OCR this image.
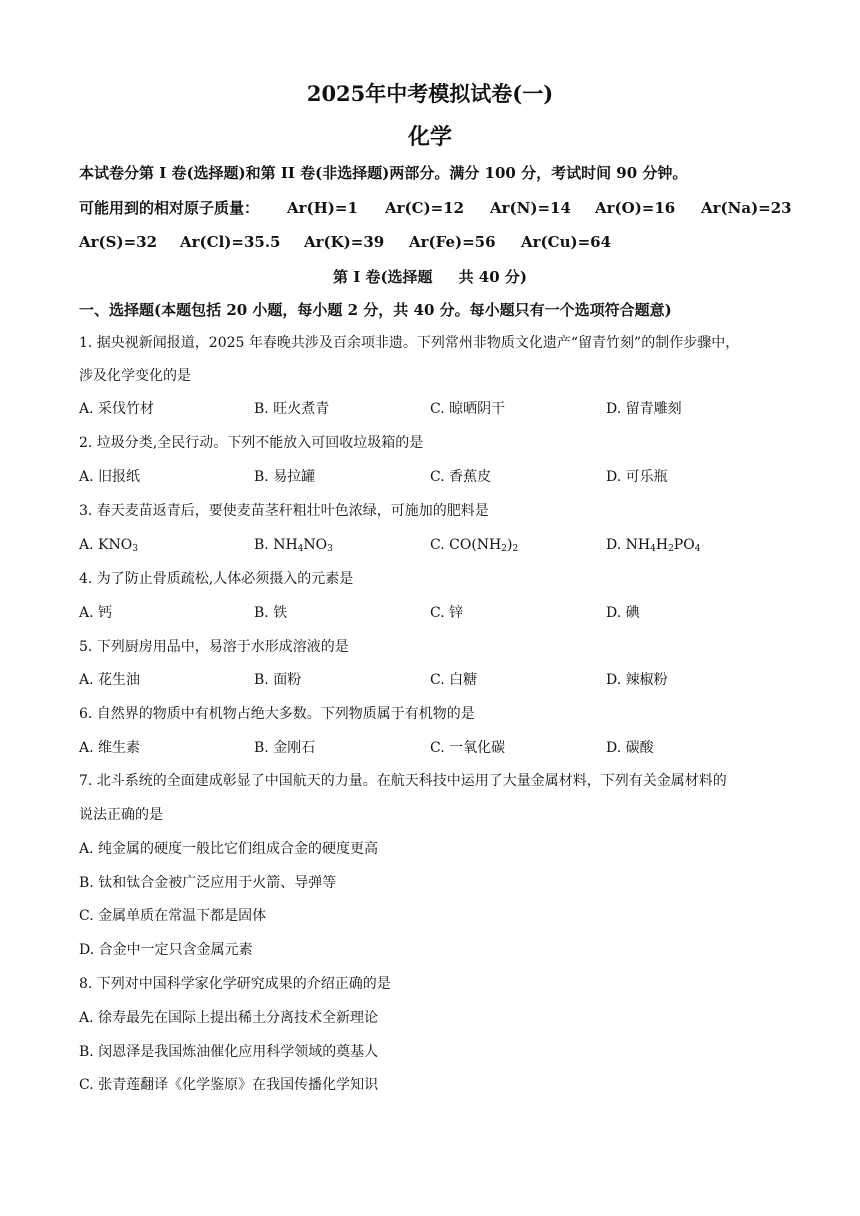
2025年中考模拟试卷(一)
化学
本试卷分第 I 卷(选择题)和第 II 卷(非选择题)两部分。满分 100 分，考试时间 90 分钟。
可能用到的相对原子质量： Ar(H)=1 Ar(C)=12 Ar(N)=14 Ar(O)=16 Ar(Na)=23
Ar(S)=32 Ar(Cl)=35.5 Ar(K)=39 Ar(Fe)=56 Ar(Cu)=64
第 I 卷(选择题 共 40 分)
一、选择题(本题包括 20 小题，每小题 2 分，共 40 分。每小题只有一个选项符合题意)
1. 据央视新闻报道，2025 年春晚共涉及百余项非遗。下列常州非物质文化遗产“留青竹刻”的制作步骤中，
涉及化学变化的是
A. 采伐竹材	B. 旺火煮青	C. 晾晒阴干	D. 留青雕刻
2. 垃圾分类,全民行动。下列不能放入可回收垃圾箱的是
A. 旧报纸	B. 易拉罐	C. 香蕉皮	D. 可乐瓶
3. 春天麦苗返青后，要使麦苗茎秆粗壮叶色浓绿，可施加的肥料是
A. $KNO_3$	B. $NH_4NO_3$	C. $CO(NH_2)_2$	D. $NH_4H_2PO_4$
4. 为了防止骨质疏松,人体必须摄入的元素是
A. 钙	B. 铁	C. 锌	D. 碘
5. 下列厨房用品中，易溶于水形成溶液的是
A. 花生油	B. 面粉	C. 白糖	D. 辣椒粉
6. 自然界的物质中有机物占绝大多数。下列物质属于有机物的是
A. 维生素	B. 金刚石	C. 一氧化碳	D. 碳酸
7. 北斗系统的全面建成彰显了中国航天的力量。在航天科技中运用了大量金属材料，下列有关金属材料的
说法正确的是
A. 纯金属的硬度一般比它们组成合金的硬度更高
B. 钛和钛合金被广泛应用于火箭、导弹等
C. 金属单质在常温下都是固体
D. 合金中一定只含金属元素
8. 下列对中国科学家化学研究成果的介绍正确的是
A. 徐寿最先在国际上提出稀土分离技术全新理论
B. 闵恩泽是我国炼油催化应用科学领域的奠基人
C. 张青莲翻译《化学鉴原》在我国传播化学知识
